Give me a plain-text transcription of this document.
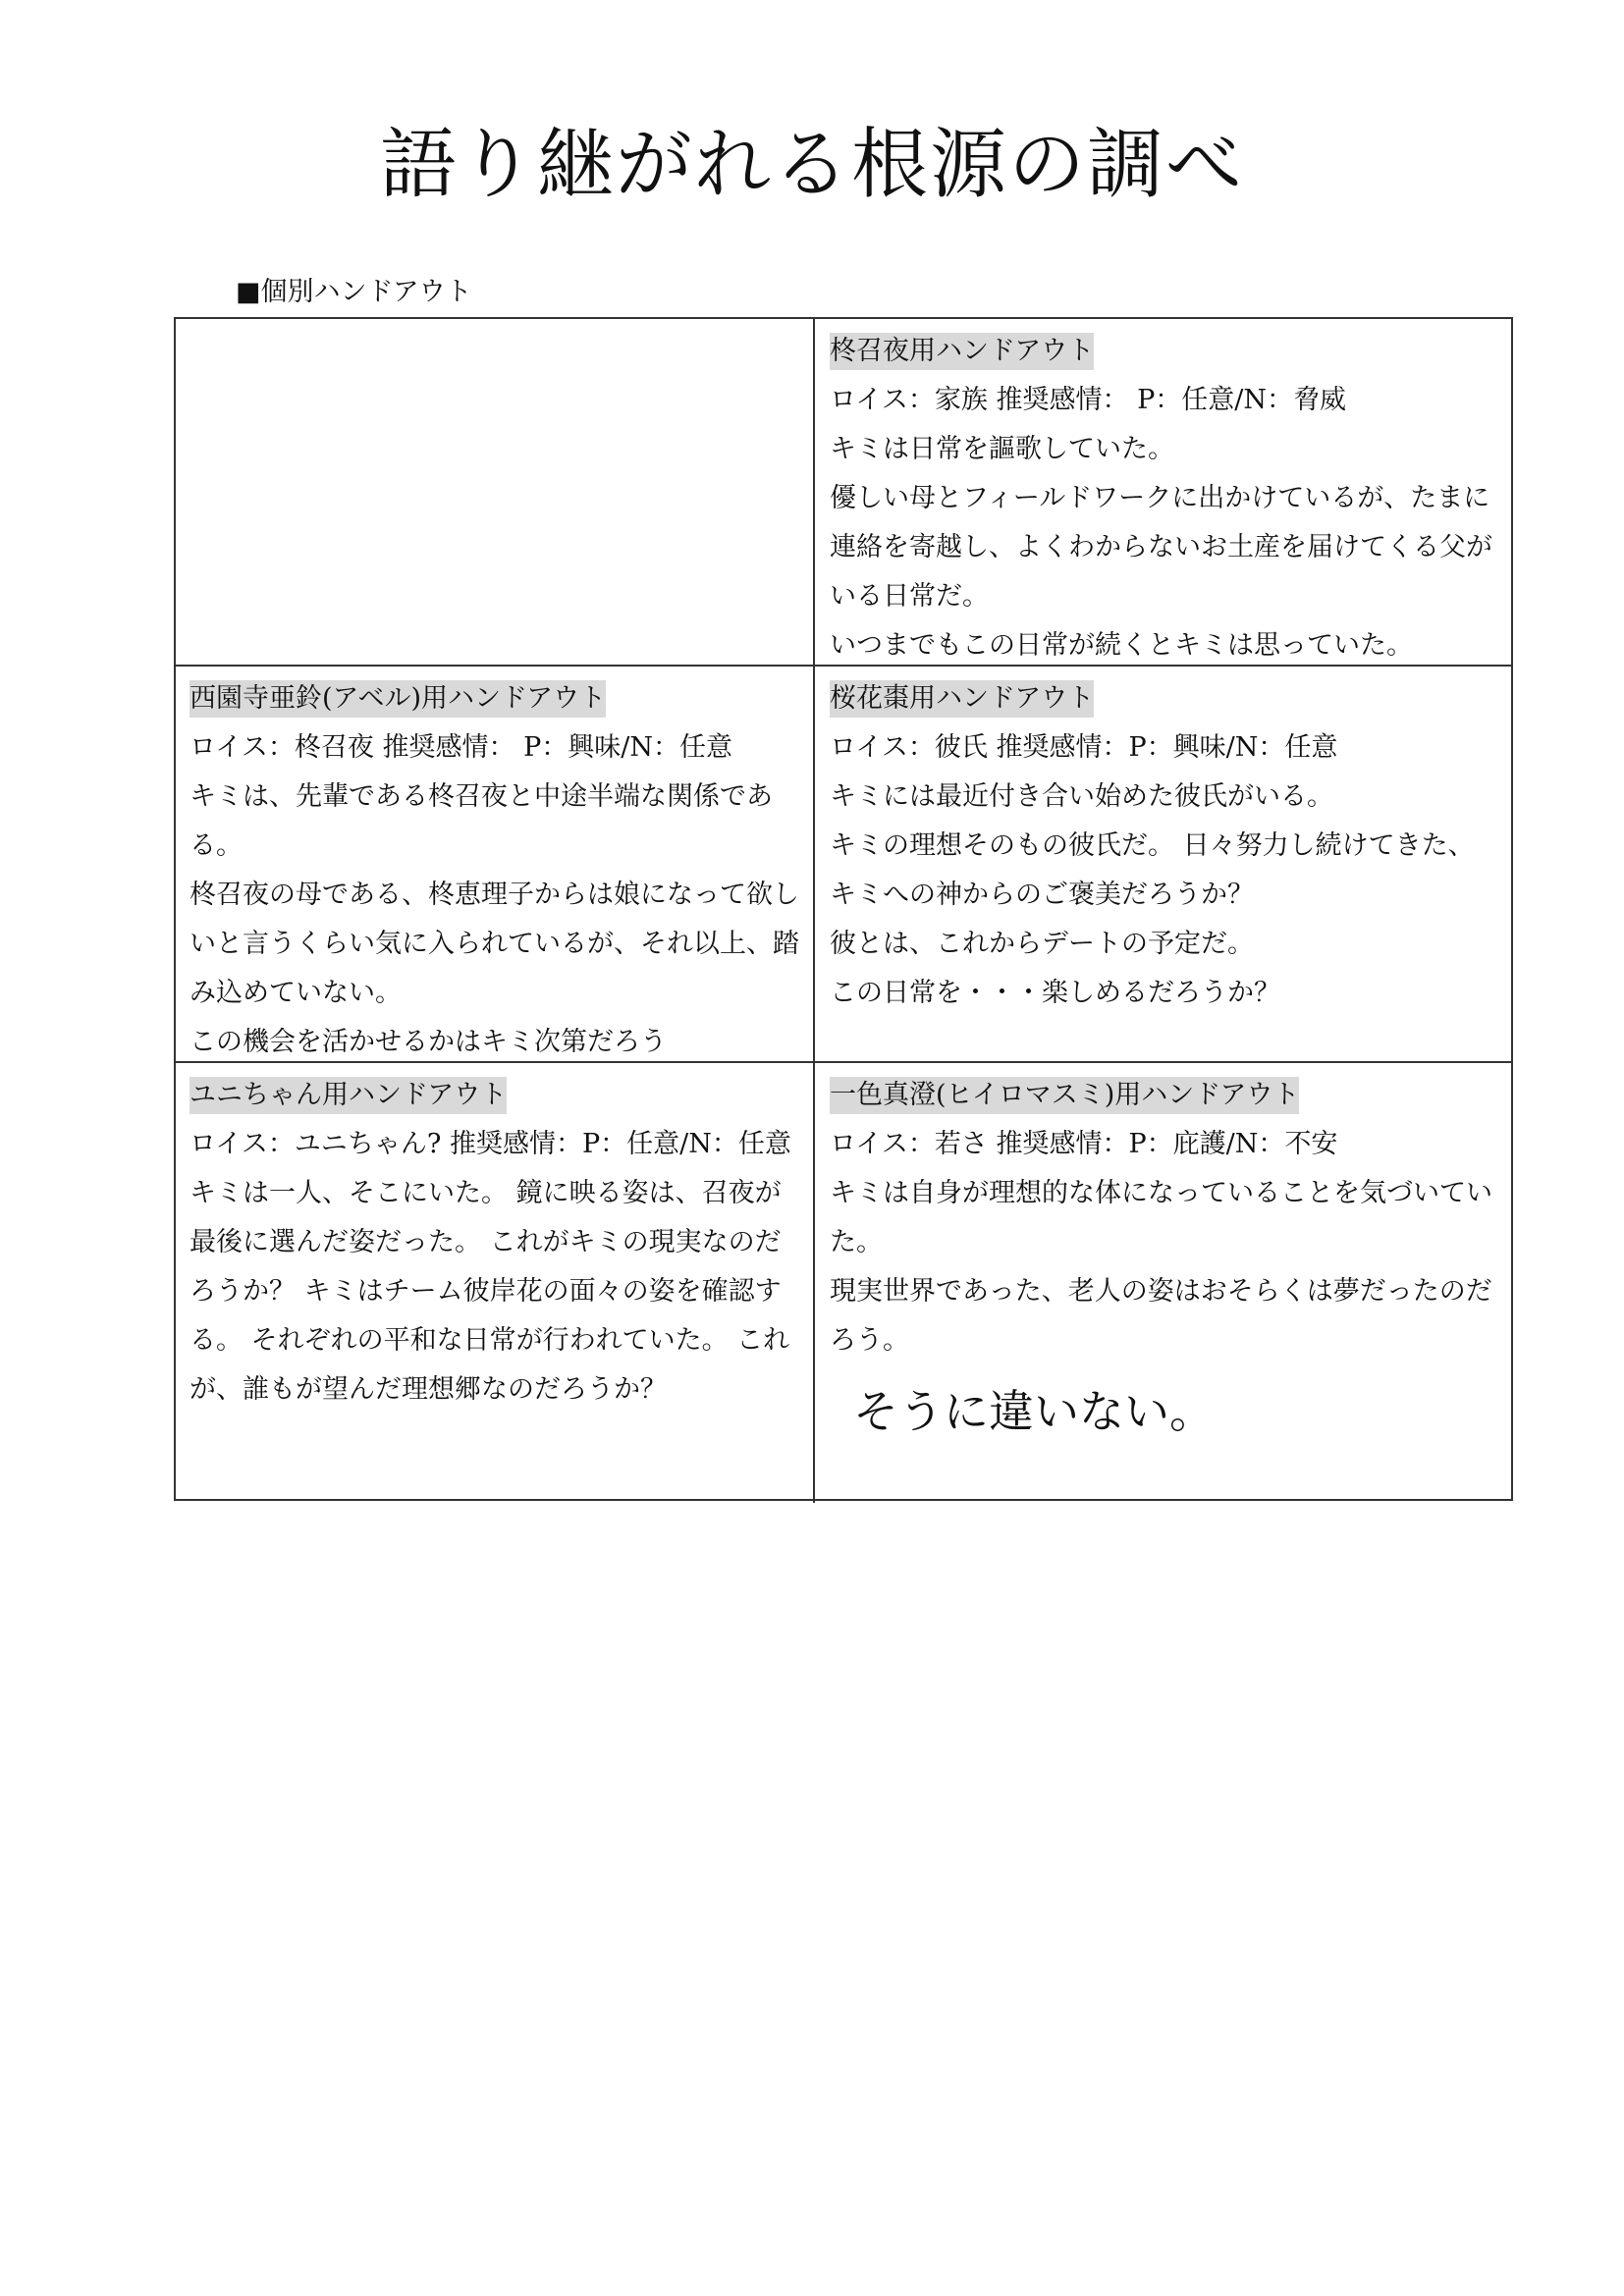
語り継がれる根源の調べ
■個別ハンドアウト
柊召夜用ハンドアウト

ロイス：家族 推奨感情： P：任意/N：脅威

キミは日常を謳歌していた。

優しい母とフィールドワークに出かけているが、たまに連絡を寄越し、よくわからないお土産を届けてくる父がいる日常だ。

いつまでもこの日常が続くとキミは思っていた。

西園寺亜鈴(アベル)用ハンドアウト

ロイス：柊召夜 推奨感情： P：興味/N：任意

キミは、先輩である柊召夜と中途半端な関係である。

柊召夜の母である、柊恵理子からは娘になって欲しいと言うくらい気に入られているが、それ以上、踏み込めていない。

この機会を活かせるかはキミ次第だろう

桜花棗用ハンドアウト

ロイス：彼氏 推奨感情：P：興味/N：任意

キミには最近付き合い始めた彼氏がいる。

キミの理想そのもの彼氏だ。 日々努力し続けてきた、キミへの神からのご褒美だろうか？

彼とは、これからデートの予定だ。

この日常を・・・楽しめるだろうか？

ユニちゃん用ハンドアウト

ロイス：ユニちゃん? 推奨感情：P：任意/N：任意

キミは一人、そこにいた。 鏡に映る姿は、召夜が最後に選んだ姿だった。 これがキミの現実なのだろうか？ キミはチーム彼岸花の面々の姿を確認する。 それぞれの平和な日常が行われていた。 これが、誰もが望んだ理想郷なのだろうか？

一色真澄(ヒイロマスミ)用ハンドアウト

ロイス：若さ 推奨感情：P：庇護/N：不安

キミは自身が理想的な体になっていることを気づいていた。

現実世界であった、老人の姿はおそらくは夢だったのだろう。

そうに違いない。
